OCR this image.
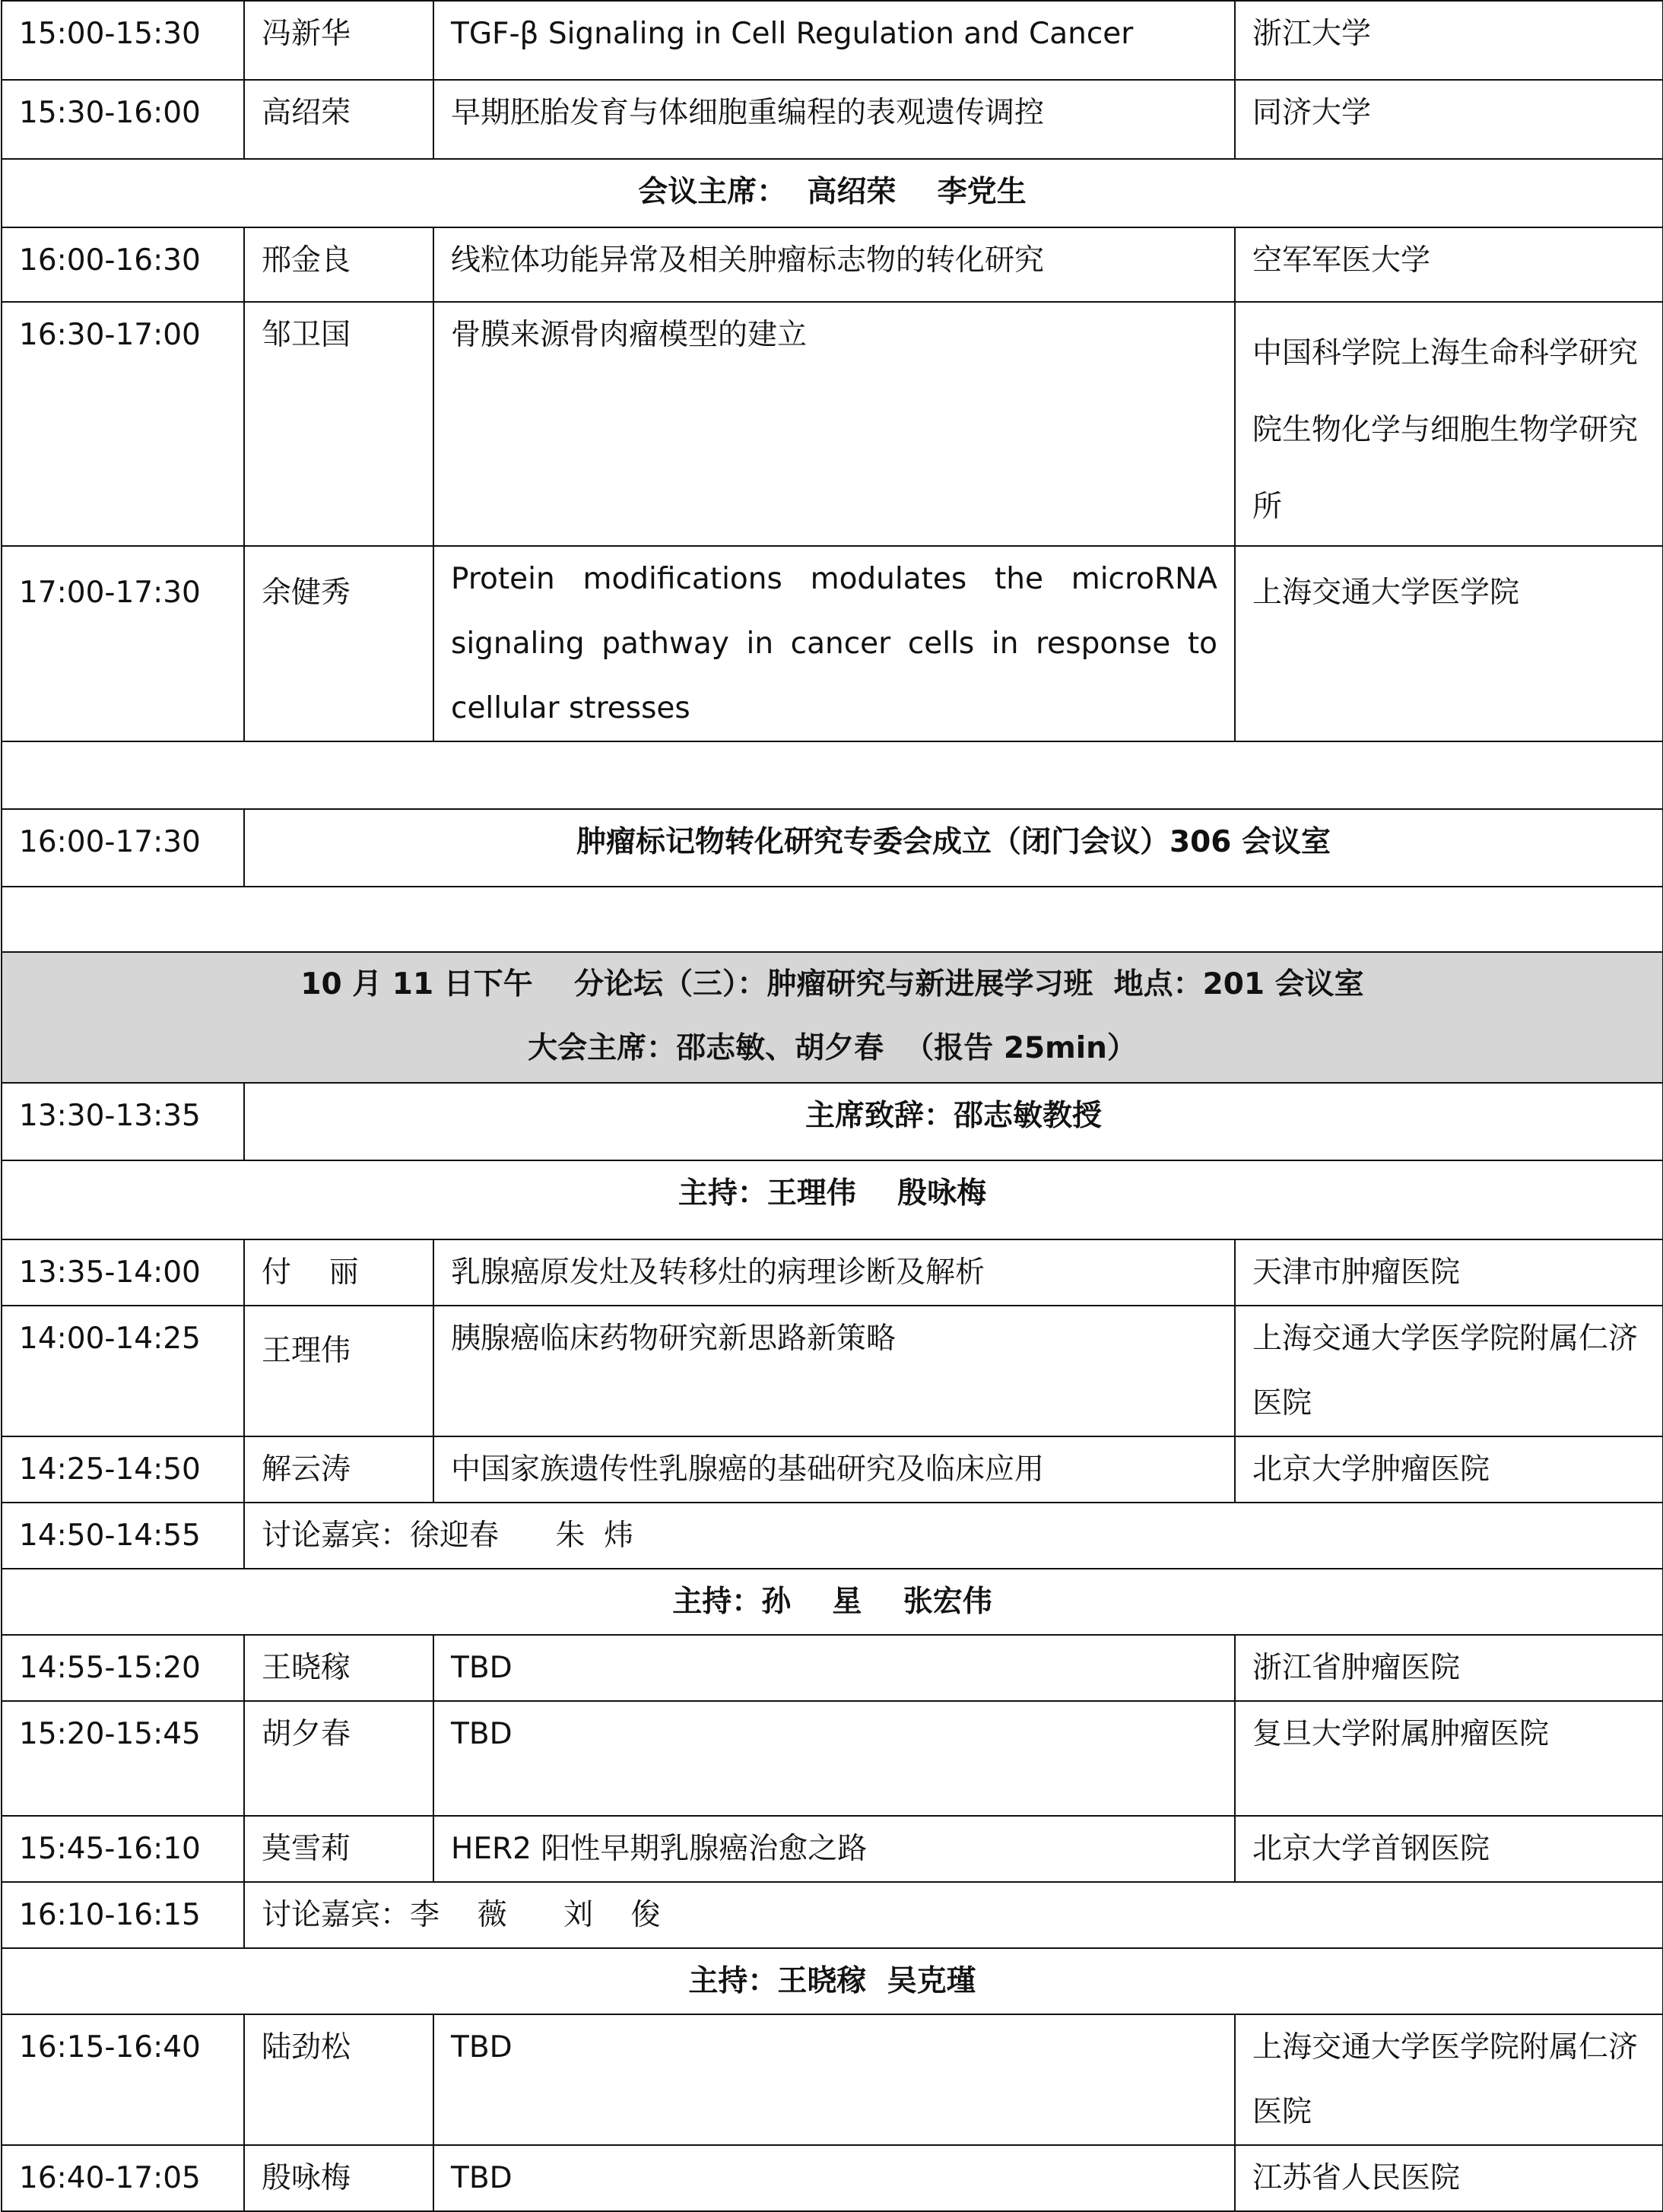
15:00-15:30	冯新华	TGF-β Signaling in Cell Regulation and Cancer	浙江大学
15:30-16:00	高绍荣	早期胚胎发育与体细胞重编程的表观遗传调控	同济大学
会议主席：  高绍荣    李党生			
16:00-16:30	邢金良	线粒体功能异常及相关肿瘤标志物的转化研究	空军军医大学
16:30-17:00	邹卫国	骨膜来源骨肉瘤模型的建立	中国科学院上海生命科学研究院生物化学与细胞生物学研究所
17:00-17:30	余健秀	Protein modifications modulates the microRNA signaling pathway in cancer cells in response to cellular stresses	上海交通大学医学院

16:00-17:30	肿瘤标记物转化研究专委会成立（闭门会议）306 会议室		

10 月 11 日下午    分论坛（三）：肿瘤研究与新进展学习班  地点：201 会议室
大会主席：邵志敏、胡夕春  （报告 25min）			

13:30-13:35	主席致辞：邵志敏教授		
主持：王理伟    殷咏梅			
13:35-14:00	付    丽	乳腺癌原发灶及转移灶的病理诊断及解析	天津市肿瘤医院
14:00-14:25	王理伟	胰腺癌临床药物研究新思路新策略	上海交通大学医学院附属仁济医院
14:25-14:50	解云涛	中国家族遗传性乳腺癌的基础研究及临床应用	北京大学肿瘤医院
14:50-14:55	讨论嘉宾：徐迎春      朱  炜		
主持：孙    星    张宏伟			
14:55-15:20	王晓稼	TBD	浙江省肿瘤医院
15:20-15:45	胡夕春	TBD	复旦大学附属肿瘤医院
15:45-16:10	莫雪莉	HER2 阳性早期乳腺癌治愈之路	北京大学首钢医院
16:10-16:15	讨论嘉宾：李    薇      刘    俊		
主持：王晓稼  吴克瑾			
16:15-16:40	陆劲松	TBD	上海交通大学医学院附属仁济医院
16:40-17:05	殷咏梅	TBD	江苏省人民医院
